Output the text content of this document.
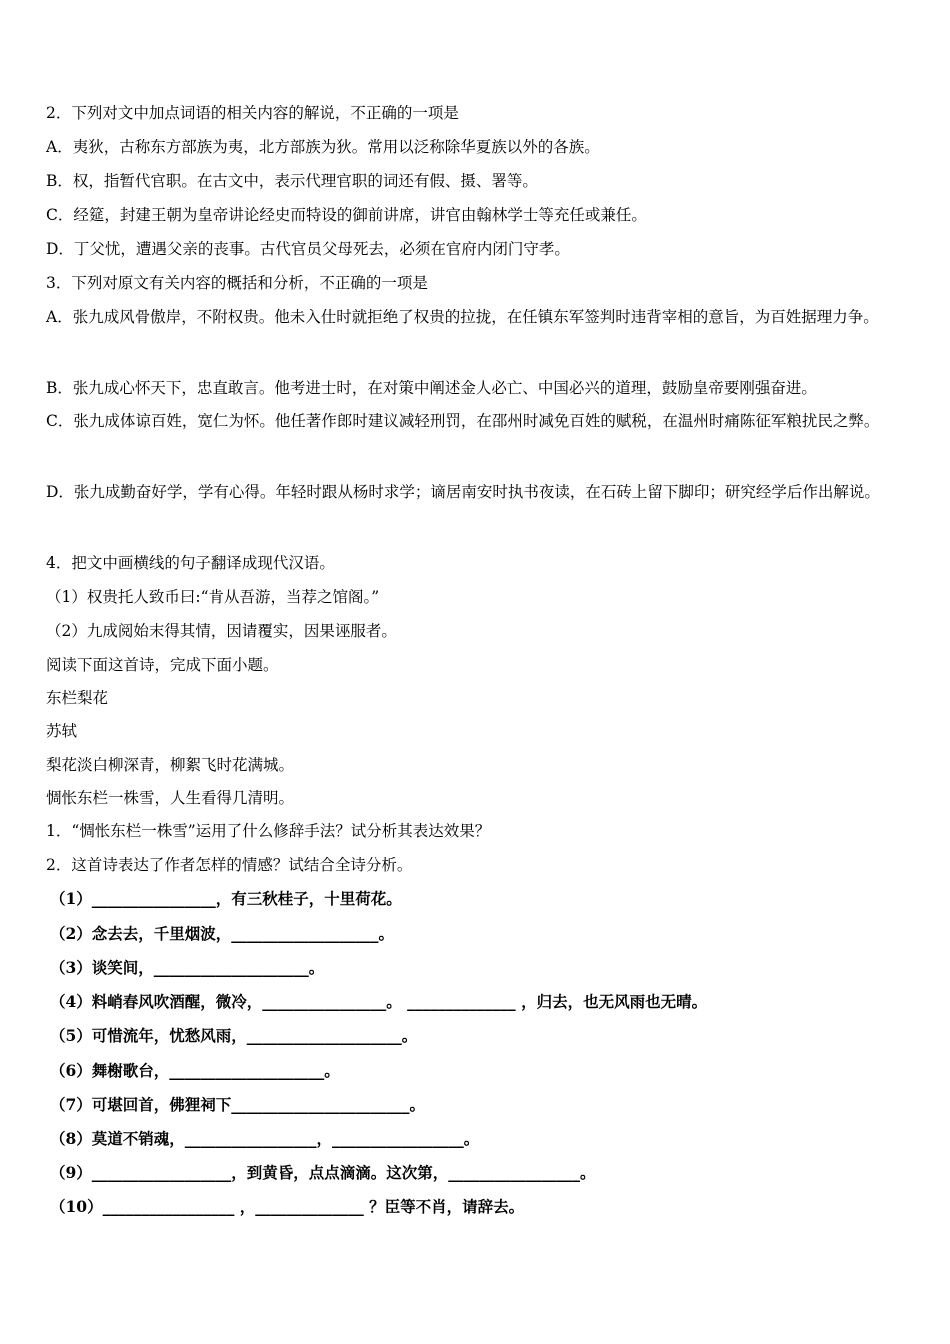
2．下列对文中加点词语的相关内容的解说，不正确的一项是
A．夷狄，古称东方部族为夷，北方部族为狄。常用以泛称除华夏族以外的各族。
B．权，指暂代官职。在古文中，表示代理官职的词还有假、摄、署等。
C．经筵，封建王朝为皇帝讲论经史而特设的御前讲席，讲官由翰林学士等充任或兼任。
D．丁父忧，遭遇父亲的丧事。古代官员父母死去，必须在官府内闭门守孝。
3．下列对原文有关内容的概括和分析，不正确的一项是
A．张九成风骨傲岸，不附权贵。他未入仕时就拒绝了权贵的拉拢，在任镇东军签判时违背宰相的意旨，为百姓据理力争。
B．张九成心怀天下，忠直敢言。他考进士时，在对策中阐述金人必亡、中国必兴的道理，鼓励皇帝要刚强奋进。
C．张九成体谅百姓，宽仁为怀。他任著作郎时建议减轻刑罚，在邵州时减免百姓的赋税，在温州时痛陈征军粮扰民之弊。
D．张九成勤奋好学，学有心得。年轻时跟从杨时求学；谪居南安时执书夜读，在石砖上留下脚印；研究经学后作出解说。
4．把文中画横线的句子翻译成现代汉语。
（1）权贵托人致币曰:“肯从吾游，当荐之馆阁。”
（2）九成阅始末得其情，因请覆实，因果诬服者。
阅读下面这首诗，完成下面小题。
东栏梨花
苏轼
梨花淡白柳深青，柳絮飞时花满城。
惆怅东栏一株雪，人生看得几清明。
1．“惆怅东栏一株雪”运用了什么修辞手法？试分析其表达效果？
2．这首诗表达了作者怎样的情感？试结合全诗分析。
（1）________________，有三秋桂子，十里荷花。
（2）念去去，千里烟波，___________________。
（3）谈笑间，____________________。
（4）料峭春风吹酒醒，微冷，________________。 ______________ ，归去，也无风雨也无晴。
（5）可惜流年，忧愁风雨，____________________。
（6）舞榭歌台，____________________。
（7）可堪回首，佛狸祠下_______________________。
（8）莫道不销魂，_________________，_________________。
（9）__________________，到黄昏，点点滴滴。这次第，_________________。
（10）_________________ ，______________ ？臣等不肖，请辞去。
